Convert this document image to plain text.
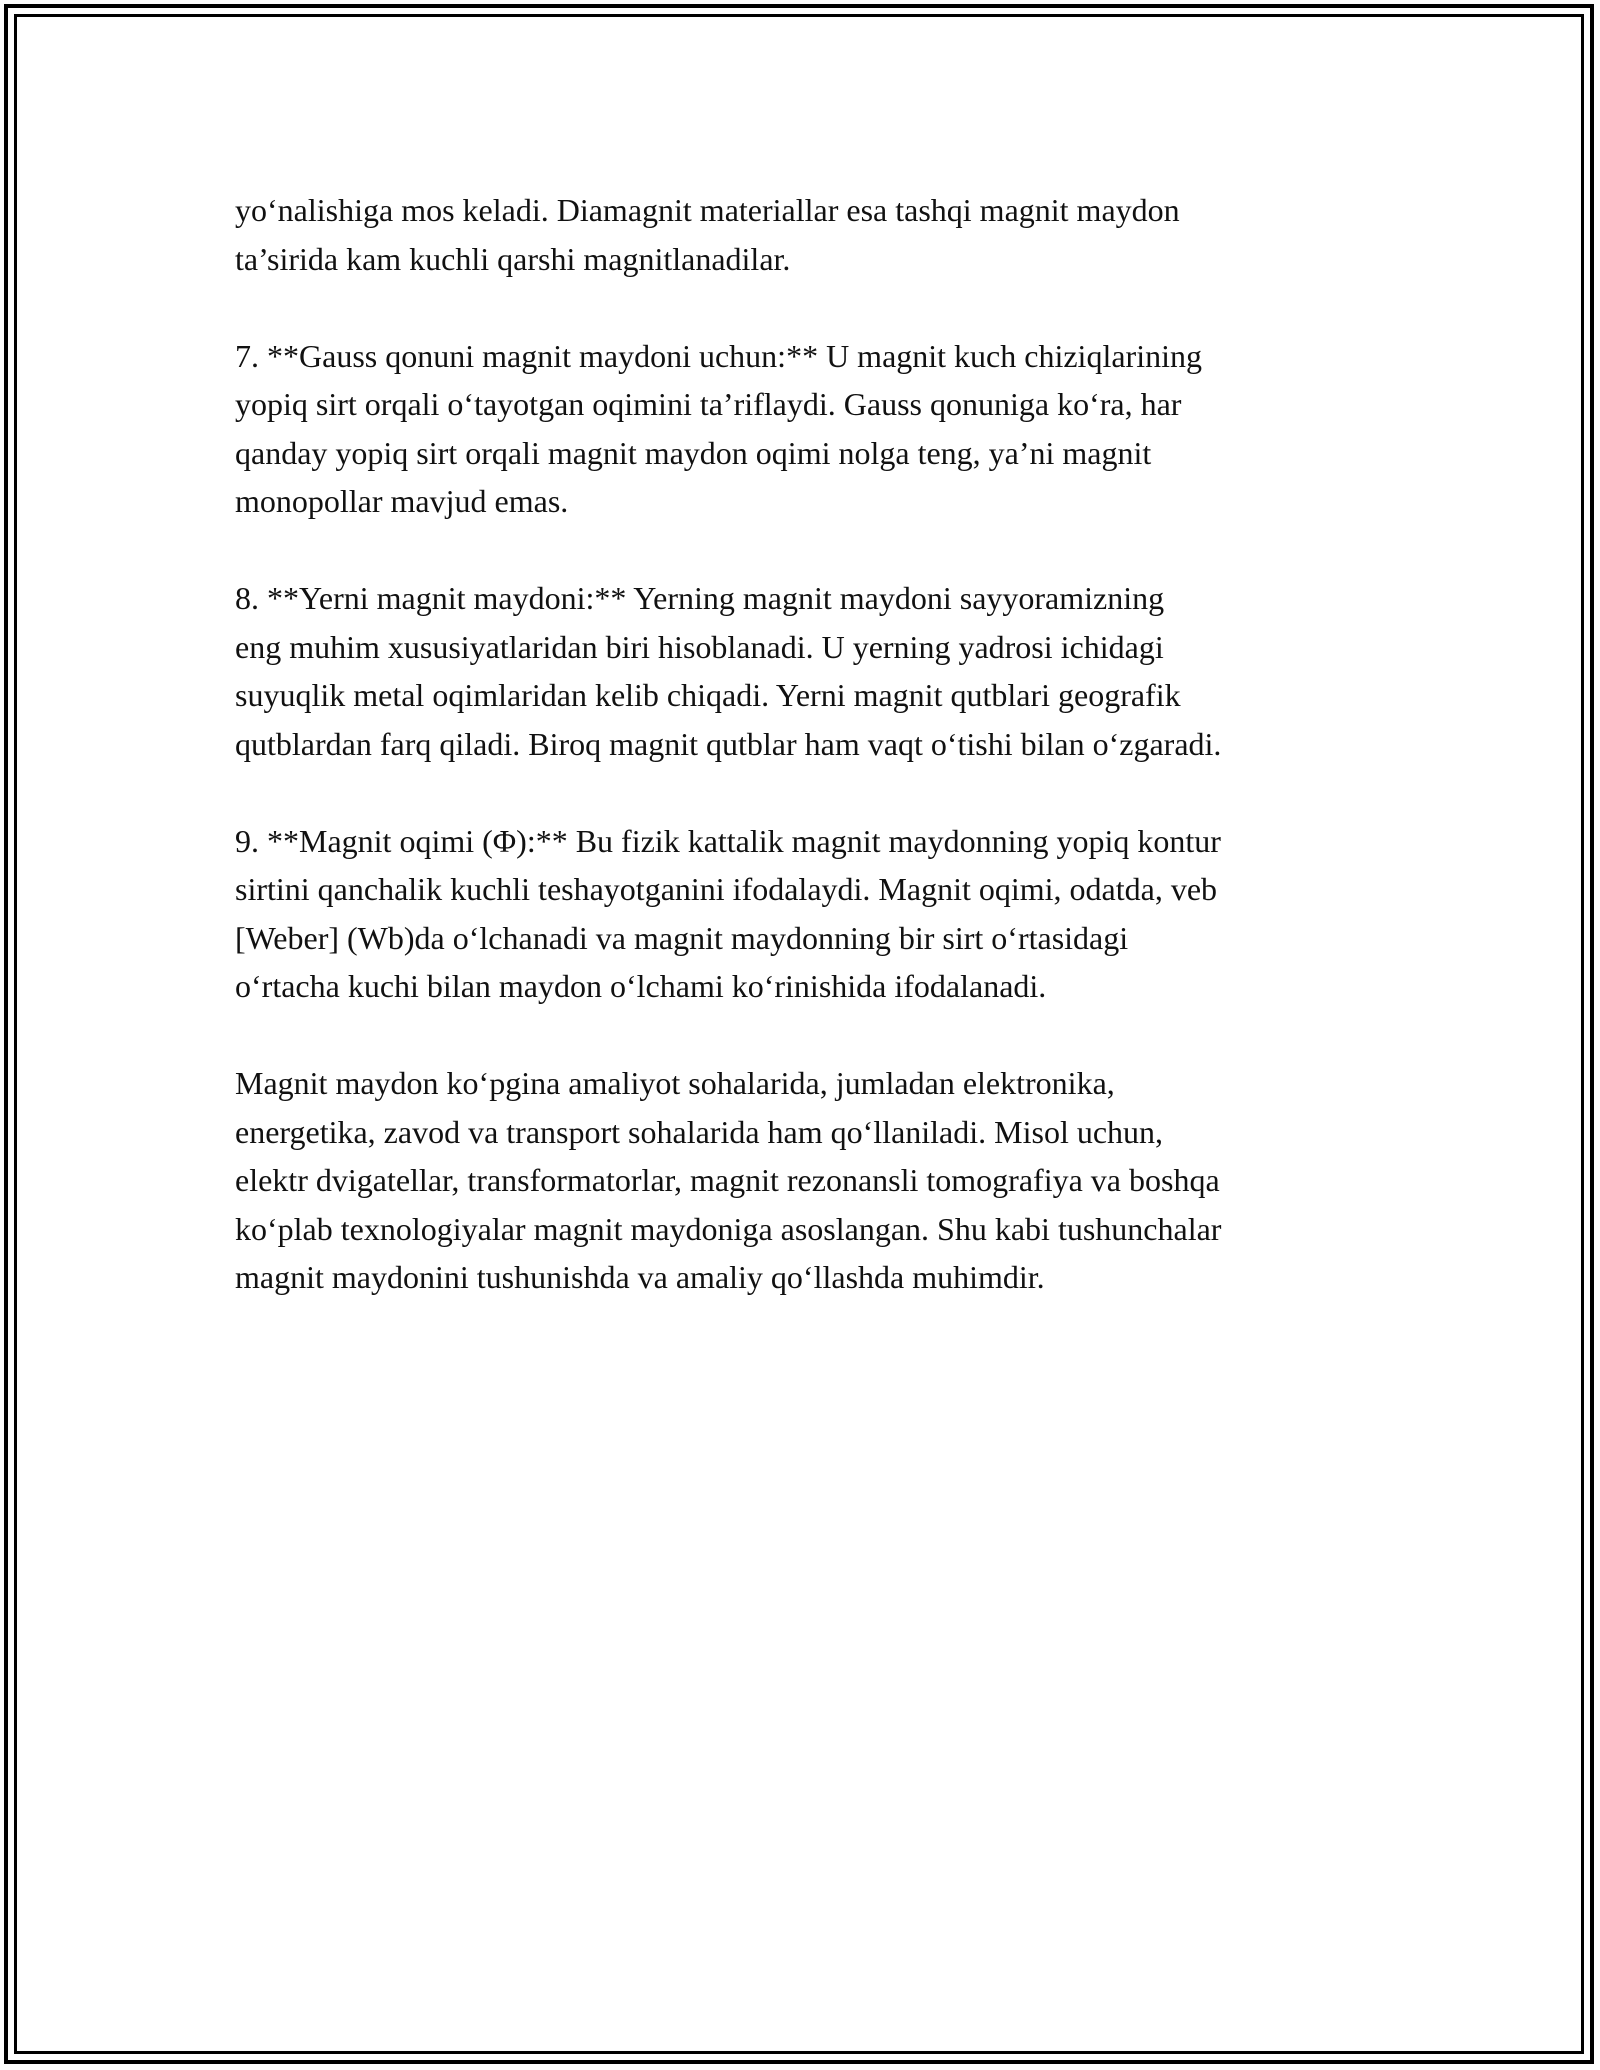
yo‘nalishiga mos keladi. Diamagnit materiallar esa tashqi magnit maydon
ta’sirida kam kuchli qarshi magnitlanadilar.

7. **Gauss qonuni magnit maydoni uchun:** U magnit kuch chiziqlarining
yopiq sirt orqali o‘tayotgan oqimini ta’riflaydi. Gauss qonuniga ko‘ra, har
qanday yopiq sirt orqali magnit maydon oqimi nolga teng, ya’ni magnit
monopollar mavjud emas.

8. **Yerni magnit maydoni:** Yerning magnit maydoni sayyoramizning
eng muhim xususiyatlaridan biri hisoblanadi. U yerning yadrosi ichidagi
suyuqlik metal oqimlaridan kelib chiqadi. Yerni magnit qutblari geografik
qutblardan farq qiladi. Biroq magnit qutblar ham vaqt o‘tishi bilan o‘zgaradi.

9. **Magnit oqimi (Φ):** Bu fizik kattalik magnit maydonning yopiq kontur
sirtini qanchalik kuchli teshayotganini ifodalaydi. Magnit oqimi, odatda, veb
[Weber] (Wb)da o‘lchanadi va magnit maydonning bir sirt o‘rtasidagi
o‘rtacha kuchi bilan maydon o‘lchami ko‘rinishida ifodalanadi.

Magnit maydon ko‘pgina amaliyot sohalarida, jumladan elektronika,
energetika, zavod va transport sohalarida ham qo‘llaniladi. Misol uchun,
elektr dvigatellar, transformatorlar, magnit rezonansli tomografiya va boshqa
ko‘plab texnologiyalar magnit maydoniga asoslangan. Shu kabi tushunchalar
magnit maydonini tushunishda va amaliy qo‘llashda muhimdir.
